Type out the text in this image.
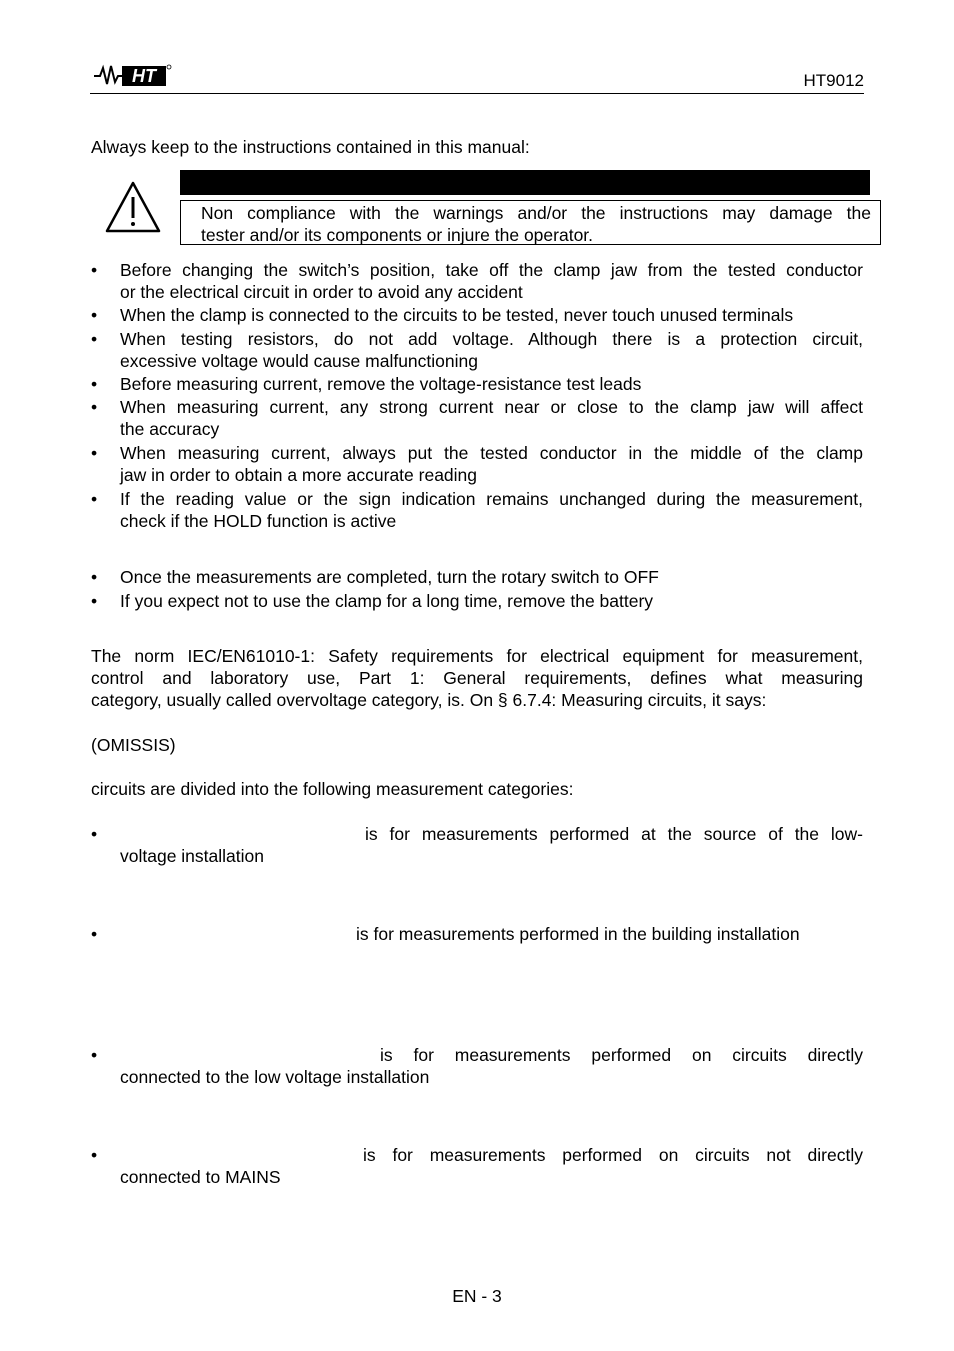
HT	HT9012
Always keep to the instructions contained in this manual:
Non compliance with the warnings and/or the instructions may damage the
tester and/or its components or injure the operator.
•	Before changing the switch’s position, take off the clamp jaw from the tested conductor
or the electrical circuit in order to avoid any accident
•	When the clamp is connected to the circuits to be tested, never touch unused terminals
•	When testing resistors, do not add voltage. Although there is a protection circuit,
excessive voltage would cause malfunctioning
•	Before measuring current, remove the voltage-resistance test leads
•	When measuring current, any strong current near or close to the clamp jaw will affect
the accuracy
•	When measuring current, always put the tested conductor in the middle of the clamp
jaw in order to obtain a more accurate reading
•	If the reading value or the sign indication remains unchanged during the measurement,
check if the HOLD function is active
•	Once the measurements are completed, turn the rotary switch to OFF
•	If you expect not to use the clamp for a long time, remove the battery
The norm IEC/EN61010-1: Safety requirements for electrical equipment for measurement,
control and laboratory use, Part 1: General requirements, defines what measuring
category, usually called overvoltage category, is. On § 6.7.4: Measuring circuits, it says:
(OMISSIS)
circuits are divided into the following measurement categories:
•	is for measurements performed at the source of the low-
voltage installation
•	is for measurements performed in the building installation
•	is for measurements performed on circuits directly
connected to the low voltage installation
•	is for measurements performed on circuits not directly
connected to MAINS
EN - 3
